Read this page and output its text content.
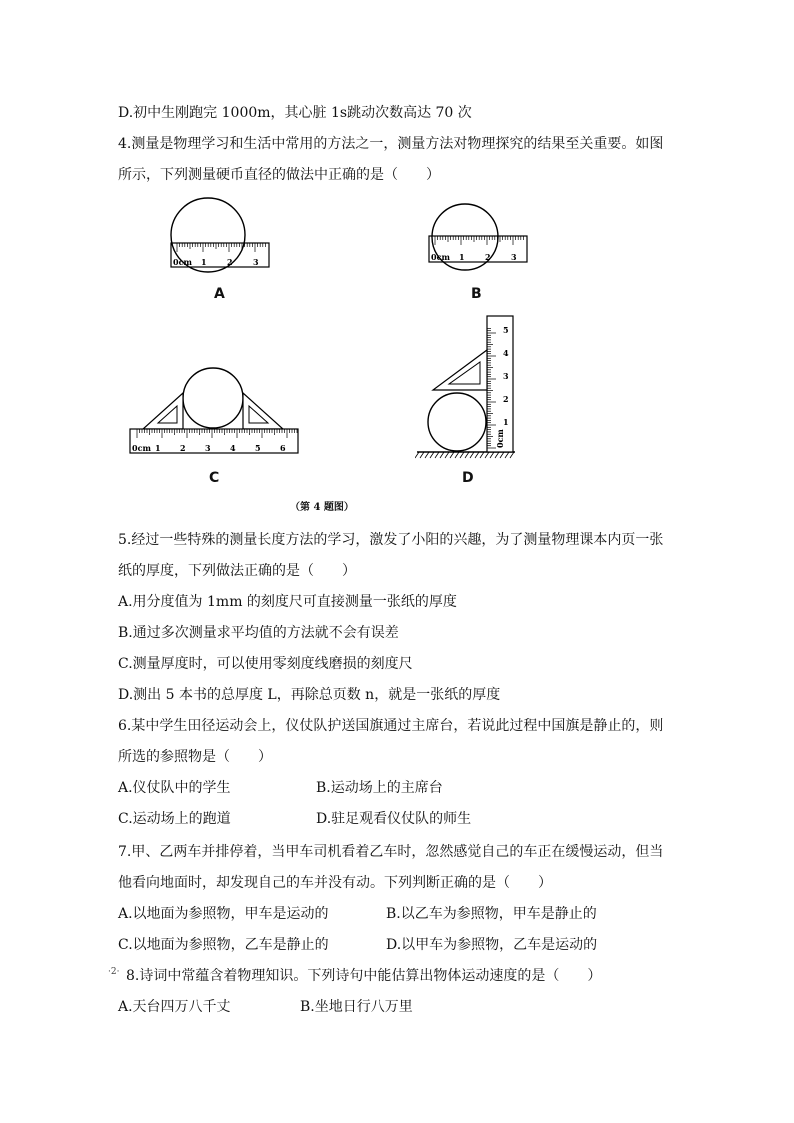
D.初中生刚跑完 1000m，其心脏 1s跳动次数高达 70 次
4.测量是物理学习和生活中常用的方法之一，测量方法对物理探究的结果至关重要。如图
所示，下列测量硬币直径的做法中正确的是（　　）
0cm 1	2	3
A
0cm 1	2	3
B
0cm 1 2 3 4 5 6
C
0cm
1
2
3
4
5
D
（第 4 题图）
5.经过一些特殊的测量长度方法的学习，激发了小阳的兴趣，为了测量物理课本内页一张
纸的厚度，下列做法正确的是（　　）
A.用分度值为 1mm 的刻度尺可直接测量一张纸的厚度
B.通过多次测量求平均值的方法就不会有误差
C.测量厚度时，可以使用零刻度线磨损的刻度尺
D.测出 5 本书的总厚度 L，再除总页数 n，就是一张纸的厚度
6.某中学生田径运动会上，仪仗队护送国旗通过主席台，若说此过程中国旗是静止的，则
所选的参照物是（　　）
A.仪仗队中的学生	B.运动场上的主席台
C.运动场上的跑道	D.驻足观看仪仗队的师生
7.甲、乙两车并排停着，当甲车司机看着乙车时，忽然感觉自己的车正在缓慢运动，但当
他看向地面时，却发现自己的车并没有动。下列判断正确的是（　　）
A.以地面为参照物，甲车是运动的	B.以乙车为参照物，甲车是静止的
C.以地面为参照物，乙车是静止的	D.以甲车为参照物，乙车是运动的
·2· 8.诗词中常蕴含着物理知识。下列诗句中能估算出物体运动速度的是（　　）
A.天台四万八千丈	B.坐地日行八万里
